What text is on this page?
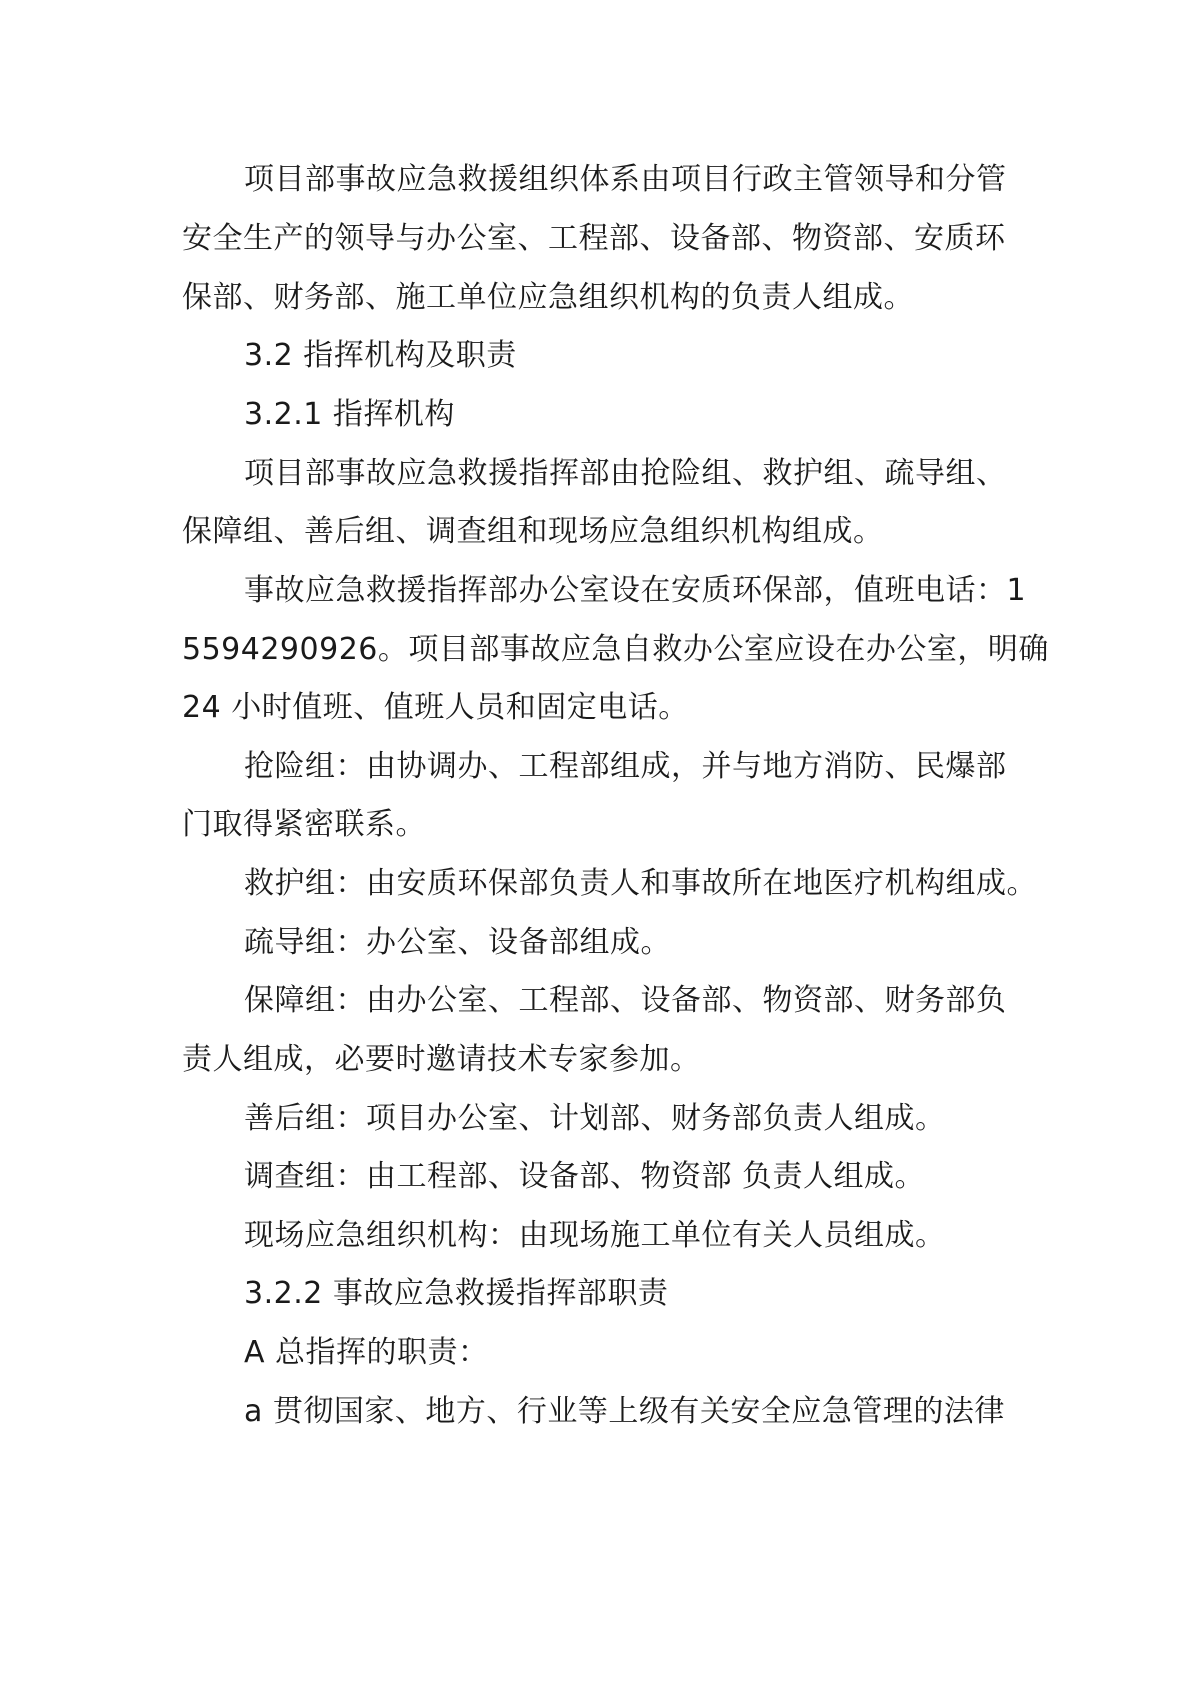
项目部事故应急救援组织体系由项目行政主管领导和分管
安全生产的领导与办公室、工程部、设备部、物资部、安质环
保部、财务部、施工单位应急组织机构的负责人组成。
3.2 指挥机构及职责
3.2.1 指挥机构
项目部事故应急救援指挥部由抢险组、救护组、疏导组、
保障组、善后组、调查组和现场应急组织机构组成。
事故应急救援指挥部办公室设在安质环保部，值班电话：1
5594290926。项目部事故应急自救办公室应设在办公室，明确
24 小时值班、值班人员和固定电话。
抢险组：由协调办、工程部组成，并与地方消防、民爆部
门取得紧密联系。
救护组：由安质环保部负责人和事故所在地医疗机构组成。
疏导组：办公室、设备部组成。
保障组：由办公室、工程部、设备部、物资部、财务部负
责人组成，必要时邀请技术专家参加。
善后组：项目办公室、计划部、财务部负责人组成。
调查组：由工程部、设备部、物资部 负责人组成。
现场应急组织机构：由现场施工单位有关人员组成。
3.2.2 事故应急救援指挥部职责
A 总指挥的职责：
a 贯彻国家、地方、行业等上级有关安全应急管理的法律
